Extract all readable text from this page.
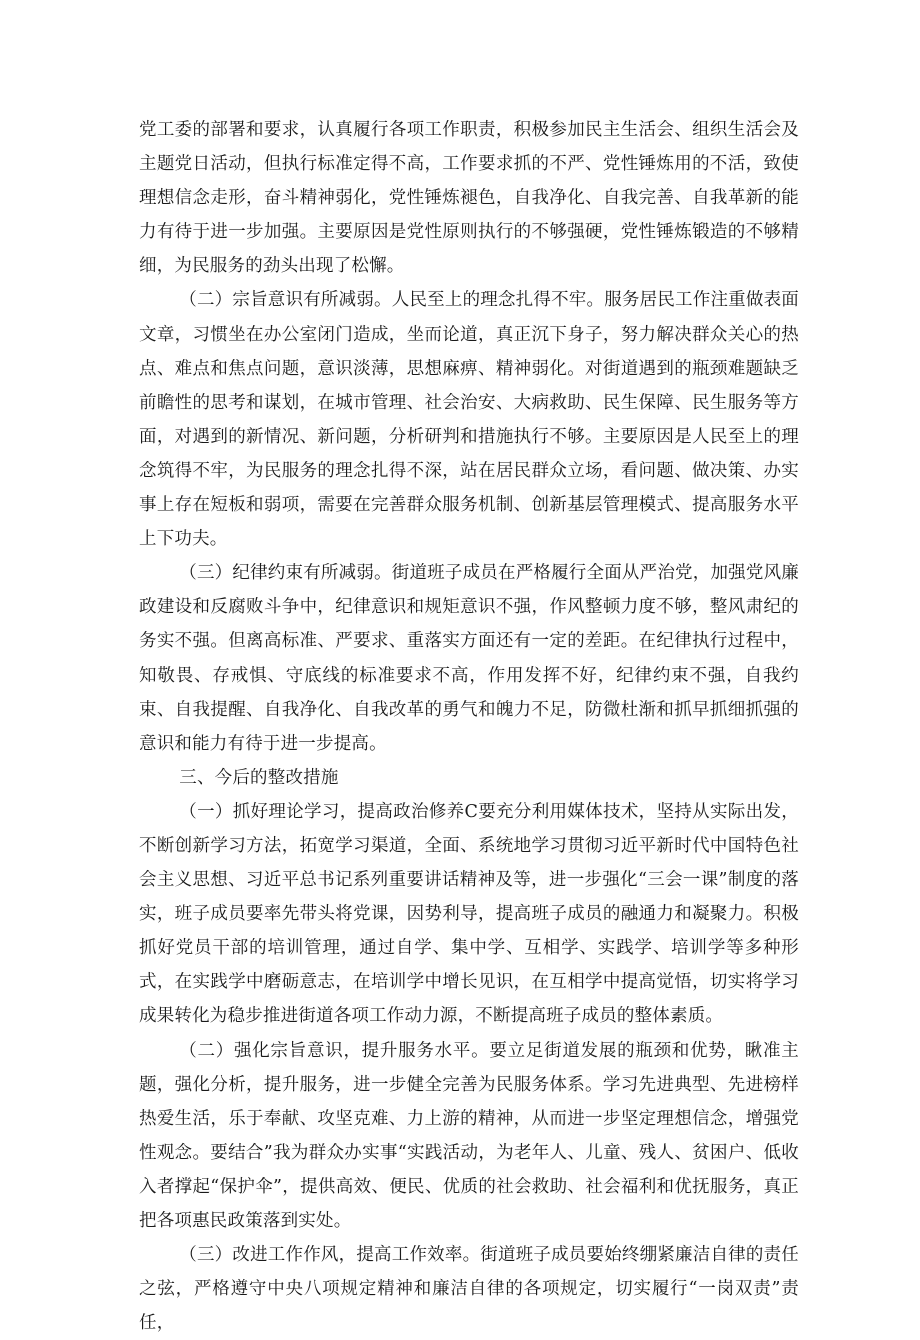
党工委的部署和要求，认真履行各项工作职责，积极参加民主生活会、组织生活会及主题党日活动，但执行标准定得不高，工作要求抓的不严、党性锤炼用的不活，致使理想信念走形，奋斗精神弱化，党性锤炼褪色，自我净化、自我完善、自我革新的能力有待于进一步加强。主要原因是党性原则执行的不够强硬，党性锤炼锻造的不够精细，为民服务的劲头出现了松懈。

（二）宗旨意识有所减弱。人民至上的理念扎得不牢。服务居民工作注重做表面文章，习惯坐在办公室闭门造成，坐而论道，真正沉下身子，努力解决群众关心的热点、难点和焦点问题，意识淡薄，思想麻痹、精神弱化。对街道遇到的瓶颈难题缺乏前瞻性的思考和谋划，在城市管理、社会治安、大病救助、民生保障、民生服务等方面，对遇到的新情况、新问题，分析研判和措施执行不够。主要原因是人民至上的理念筑得不牢，为民服务的理念扎得不深，站在居民群众立场，看问题、做决策、办实事上存在短板和弱项，需要在完善群众服务机制、创新基层管理模式、提高服务水平上下功夫。

（三）纪律约束有所减弱。街道班子成员在严格履行全面从严治党，加强党风廉政建设和反腐败斗争中，纪律意识和规矩意识不强，作风整顿力度不够，整风肃纪的务实不强。但离高标准、严要求、重落实方面还有一定的差距。在纪律执行过程中，知敬畏、存戒惧、守底线的标准要求不高，作用发挥不好，纪律约束不强，自我约束、自我提醒、自我净化、自我改革的勇气和魄力不足，防微杜渐和抓早抓细抓强的意识和能力有待于进一步提高。

三、今后的整改措施

（一）抓好理论学习，提高政治修养C要充分利用媒体技术，坚持从实际出发，不断创新学习方法，拓宽学习渠道，全面、系统地学习贯彻习近平新时代中国特色社会主义思想、习近平总书记系列重要讲话精神及等，进一步强化“三会一课”制度的落实，班子成员要率先带头将党课，因势利导，提高班子成员的融通力和凝聚力。积极抓好党员干部的培训管理，通过自学、集中学、互相学、实践学、培训学等多种形式，在实践学中磨砺意志，在培训学中增长见识，在互相学中提高觉悟，切实将学习成果转化为稳步推进街道各项工作动力源，不断提高班子成员的整体素质。

（二）强化宗旨意识，提升服务水平。要立足街道发展的瓶颈和优势，瞅准主题，强化分析，提升服务，进一步健全完善为民服务体系。学习先进典型、先进榜样热爱生活，乐于奉献、攻坚克难、力上游的精神，从而进一步坚定理想信念，增强党性观念。要结合”我为群众办实事“实践活动，为老年人、儿童、残人、贫困户、低收入者撑起“保护伞”，提供高效、便民、优质的社会救助、社会福利和优抚服务，真正把各项惠民政策落到实处。

（三）改进工作作风，提高工作效率。街道班子成员要始终绷紧廉洁自律的责任之弦，严格遵守中央八项规定精神和廉洁自律的各项规定，切实履行“一岗双责”责任，
